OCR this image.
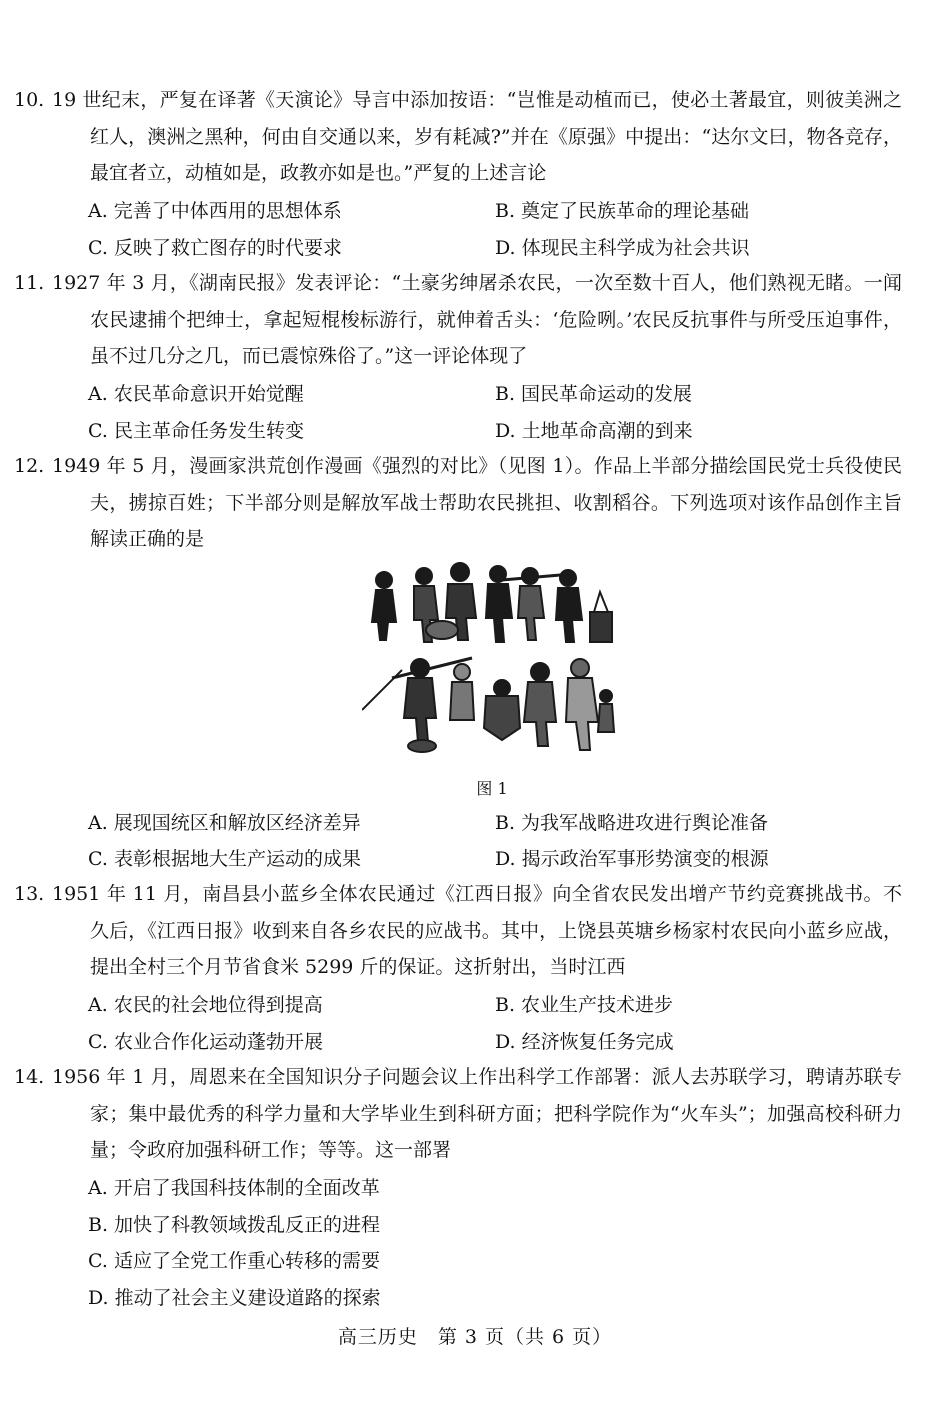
10. 19 世纪末，严复在译著《天演论》导言中添加按语：“岂惟是动植而已，使必土著最宜，则彼美洲之红人，澳洲之黑种，何由自交通以来，岁有耗减?”并在《原强》中提出：“达尔文曰，物各竞存，最宜者立，动植如是，政教亦如是也。”严复的上述言论

A. 完善了中体西用的思想体系	B. 奠定了民族革命的理论基础
C. 反映了救亡图存的时代要求	D. 体现民主科学成为社会共识

11. 1927 年 3 月，《湖南民报》发表评论：“土豪劣绅屠杀农民，一次至数十百人，他们熟视无睹。一闻农民逮捕个把绅士，拿起短棍梭标游行，就伸着舌头：‘危险咧。’农民反抗事件与所受压迫事件，虽不过几分之几，而已震惊殊俗了。”这一评论体现了

A. 农民革命意识开始觉醒	B. 国民革命运动的发展
C. 民主革命任务发生转变	D. 土地革命高潮的到来

12. 1949 年 5 月，漫画家洪荒创作漫画《强烈的对比》（见图 1）。作品上半部分描绘国民党士兵役使民夫，掳掠百姓；下半部分则是解放军战士帮助农民挑担、收割稻谷。下列选项对该作品创作主旨解读正确的是

图 1
A. 展现国统区和解放区经济差异	B. 为我军战略进攻进行舆论准备
C. 表彰根据地大生产运动的成果	D. 揭示政治军事形势演变的根源

13. 1951 年 11 月，南昌县小蓝乡全体农民通过《江西日报》向全省农民发出增产节约竞赛挑战书。不久后，《江西日报》收到来自各乡农民的应战书。其中，上饶县英塘乡杨家村农民向小蓝乡应战，提出全村三个月节省食米 5299 斤的保证。这折射出，当时江西

A. 农民的社会地位得到提高	B. 农业生产技术进步
C. 农业合作化运动蓬勃开展	D. 经济恢复任务完成

14. 1956 年 1 月，周恩来在全国知识分子问题会议上作出科学工作部署：派人去苏联学习，聘请苏联专家；集中最优秀的科学力量和大学毕业生到科研方面；把科学院作为“火车头”；加强高校科研力量；令政府加强科研工作；等等。这一部署

A. 开启了我国科技体制的全面改革
B. 加快了科教领域拨乱反正的进程
C. 适应了全党工作重心转移的需要
D. 推动了社会主义建设道路的探索
高三历史　第 3 页（共 6 页）
